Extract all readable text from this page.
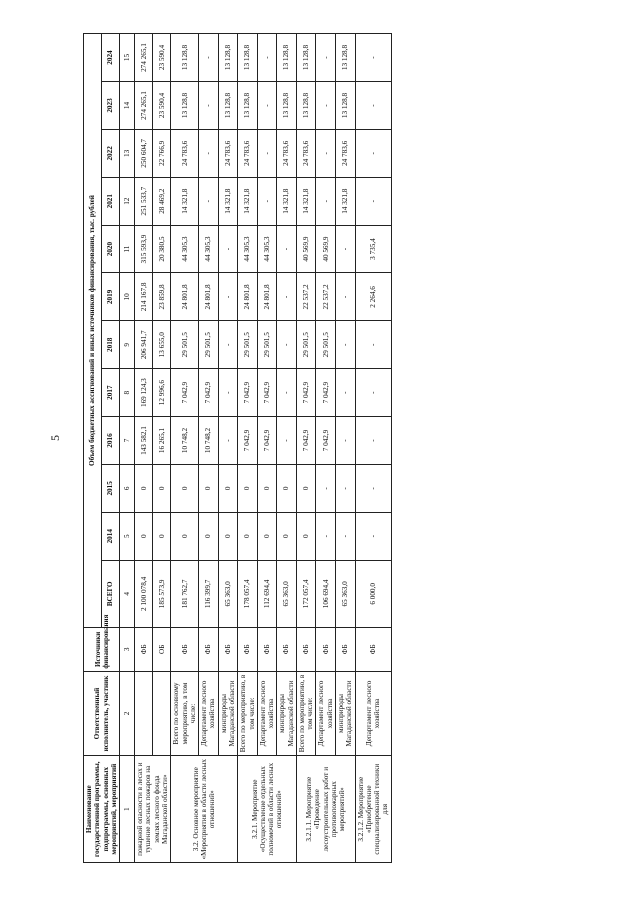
5
Наименование государственной программы, подпрограммы, основных мероприятий, мероприятий	Ответственный исполнитель, участник	Источники финансирования	Объем бюджетных ассигнований и иных источников финансирования, тыс. рублей											
			ВСЕГО	2014	2015	2016	2017	2018	2019	2020	2021	2022	2023	2024
1	2	3	4	5	6	7	8	9	10	11	12	13	14	15
пожарной опасности в лесах и тушение лесных пожаров на землях лесного фонда Магаданской области»		ФБ	2 100 078,4	0	0	143 582,1	169 124,3	206 941,7	214 167,8	315 593,9	251 533,7	250 604,7	274 265,1	274 265,1
		ОБ	185 573,9	0	0	16 265,1	12 996,6	13 655,0	23 859,8	20 380,5	28 469,2	22 766,9	23 590,4	23 590,4
3.2. Основное мероприятие «Мероприятия в области лесных отношений»	Всего по основному мероприятию, в том числе:	ФБ	181 762,7	0	0	10 748,2	7 042,9	29 501,5	24 801,8	44 305,3	14 321,8	24 783,6	13 128,8	13 128,8
	Департамент лесного хозяйства	ФБ	116 399,7	0	0	10 748,2	7 042,9	29 501,5	24 801,8	44 305,3	-	-	-	-
	минприроды Магаданской области	ФБ	65 363,0	0	0	-	-	-	-	-	14 321,8	24 783,6	13 128,8	13 128,8
3.2.1. Мероприятие «Осуществление отдельных полномочий в области лесных отношений»	Всего по мероприятию, в том числе:	ФБ	178 057,4	0	0	7 042,9	7 042,9	29 501,5	24 801,8	44 305,3	14 321,8	24 783,6	13 128,8	13 128,8
	Департамент лесного хозяйства	ФБ	112 694,4	0	0	7 042,9	7 042,9	29 501,5	24 801,8	44 305,3	-	-	-	-
	минприроды Магаданской области	ФБ	65 363,0	0	0	-	-	-	-	-	14 321,8	24 783,6	13 128,8	13 128,8
3.2.1.1. Мероприятие «Проведение лесоустроительных работ и противопожарных мероприятий»	Всего по мероприятию, в том числе:	ФБ	172 057,4	0	0	7 042,9	7 042,9	29 501,5	22 537,2	40 569,9	14 321,8	24 783,6	13 128,8	13 128,8
	Департамент лесного хозяйства	ФБ	106 694,4	-	-	7 042,9	7 042,9	29 501,5	22 537,2	40 569,9	-	-	-	-
	минприроды Магаданской области	ФБ	65 363,0	-	-	-	-	-	-	-	14 321,8	24 783,6	13 128,8	13 128,8
3.2.1.2. Мероприятие «Приобретение специализированной техники для	Департамент лесного хозяйства	ФБ	6 000,0	-	-	-	-	-	2 264,6	3 735,4	-	-	-	-
